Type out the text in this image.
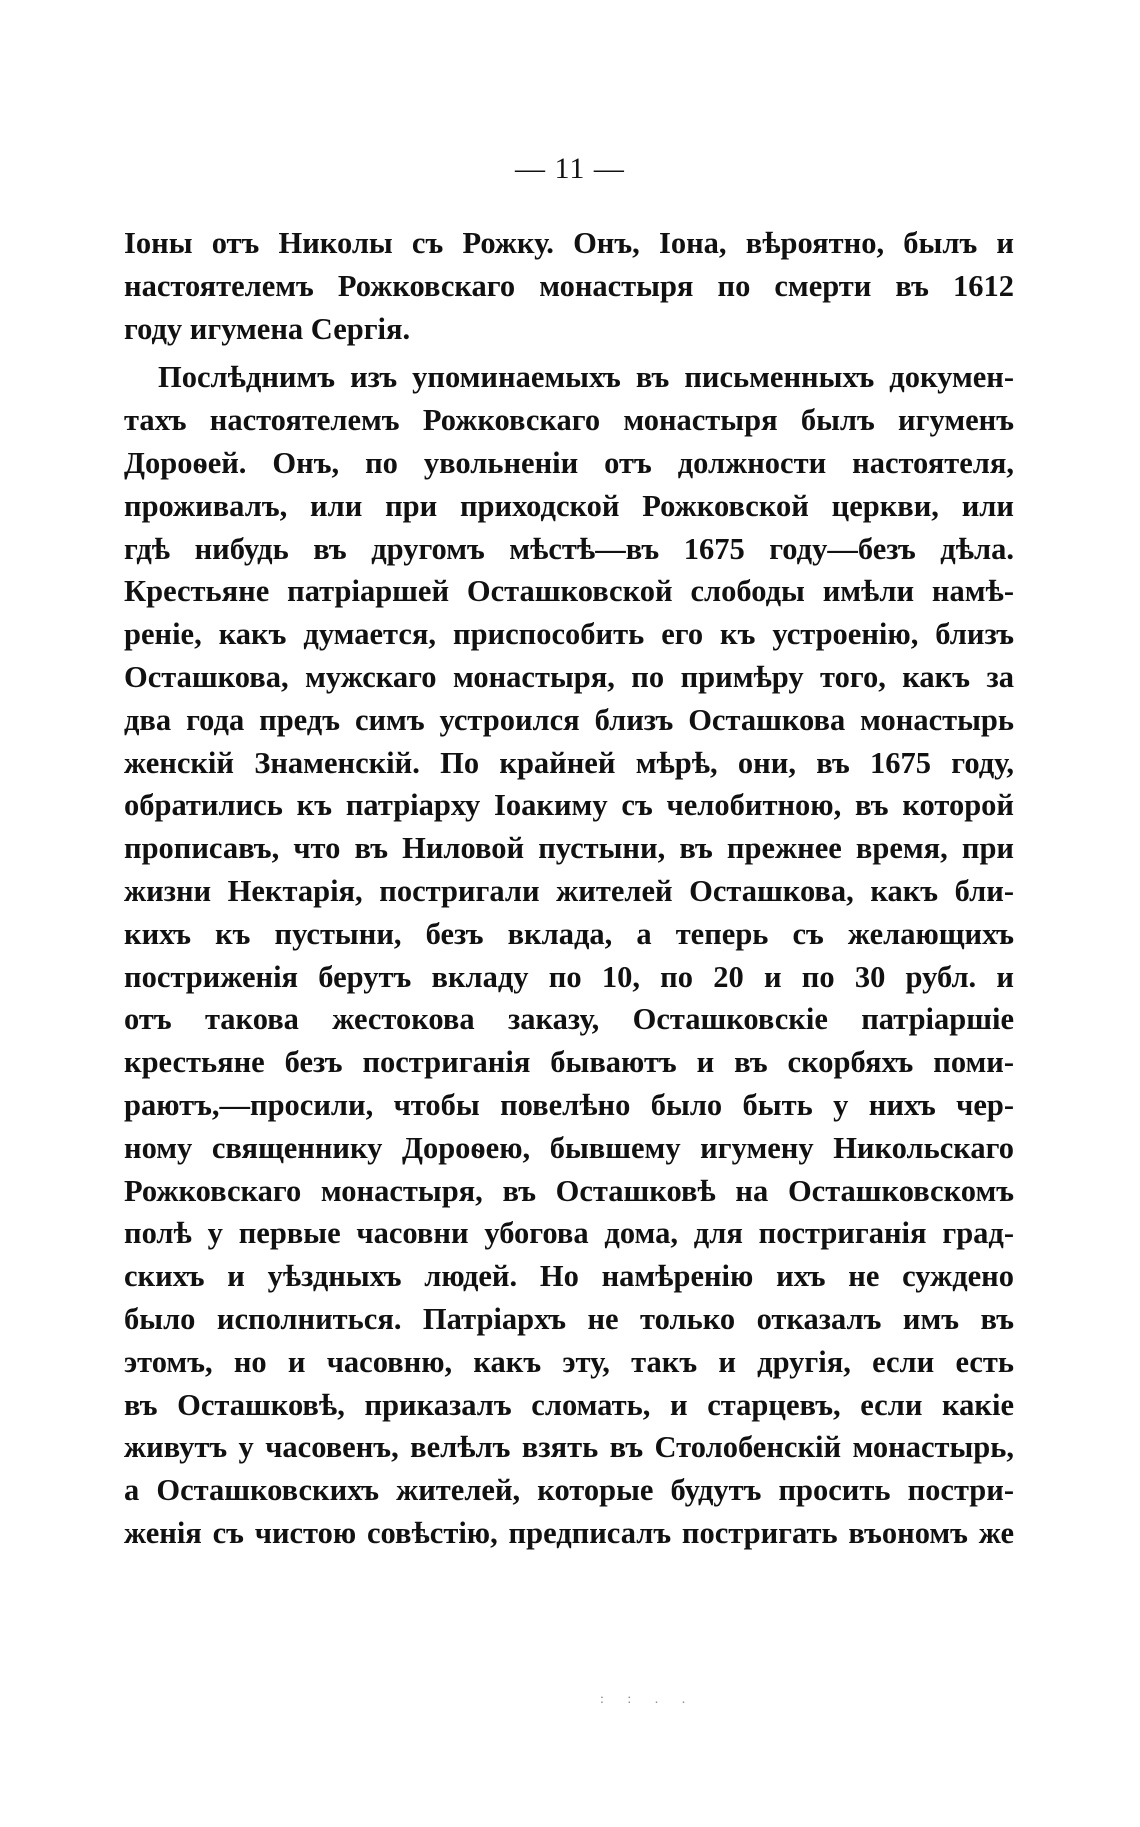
— 11 —
Іоны отъ Николы съ Рожку. Онъ, Іона, вѣроятно, былъ и
настоятелемъ Рожковскаго монастыря по смерти въ 1612
году игумена Сергія.
Послѣднимъ изъ упоминаемыхъ въ письменныхъ докумен-
тахъ настоятелемъ Рожковскаго монастыря былъ игуменъ
Дороѳей. Онъ, по увольненіи отъ должности настоятеля,
проживалъ, или при приходской Рожковской церкви, или
гдѣ нибудь въ другомъ мѣстѣ—въ 1675 году—безъ дѣла.
Крестьяне патріаршей Осташковской слободы имѣли намѣ-
реніе, какъ думается, приспособить его къ устроенію, близъ
Осташкова, мужскаго монастыря, по примѣру того, какъ за
два года предъ симъ устроился близъ Осташкова монастырь
женскій Знаменскій. По крайней мѣрѣ, они, въ 1675 году,
обратились къ патріарху Іоакиму съ челобитною, въ которой
прописавъ, что въ Ниловой пустыни, въ прежнее время, при
жизни Нектарія, постригали жителей Осташкова, какъ бли-
кихъ къ пустыни, безъ вклада, а теперь съ желающихъ
постриженія берутъ вкладу по 10, по 20 и по 30 рубл. и
отъ такова жестокова заказу, Осташковскіе патріаршіе
крестьяне безъ постриганія бываютъ и въ скорбяхъ поми-
раютъ,—просили, чтобы повелѣно было быть у нихъ чер-
ному священнику Дороѳею, бывшему игумену Никольскаго
Рожковскаго монастыря, въ Осташковѣ на Осташковскомъ
полѣ у первые часовни убогова дома, для постриганія град-
скихъ и уѣздныхъ людей. Но намѣренію ихъ не суждено
было исполниться. Патріархъ не только отказалъ имъ въ
этомъ, но и часовню, какъ эту, такъ и другія, если есть
въ Осташковѣ, приказалъ сломать, и старцевъ, если какіе
живутъ у часовенъ, велѣлъ взять въ Столобенскій монастырь,
а Осташковскихъ жителей, которые будутъ просить постри-
женія съ чистою совѣстію, предписалъ постригать въономъ же
: : . .
